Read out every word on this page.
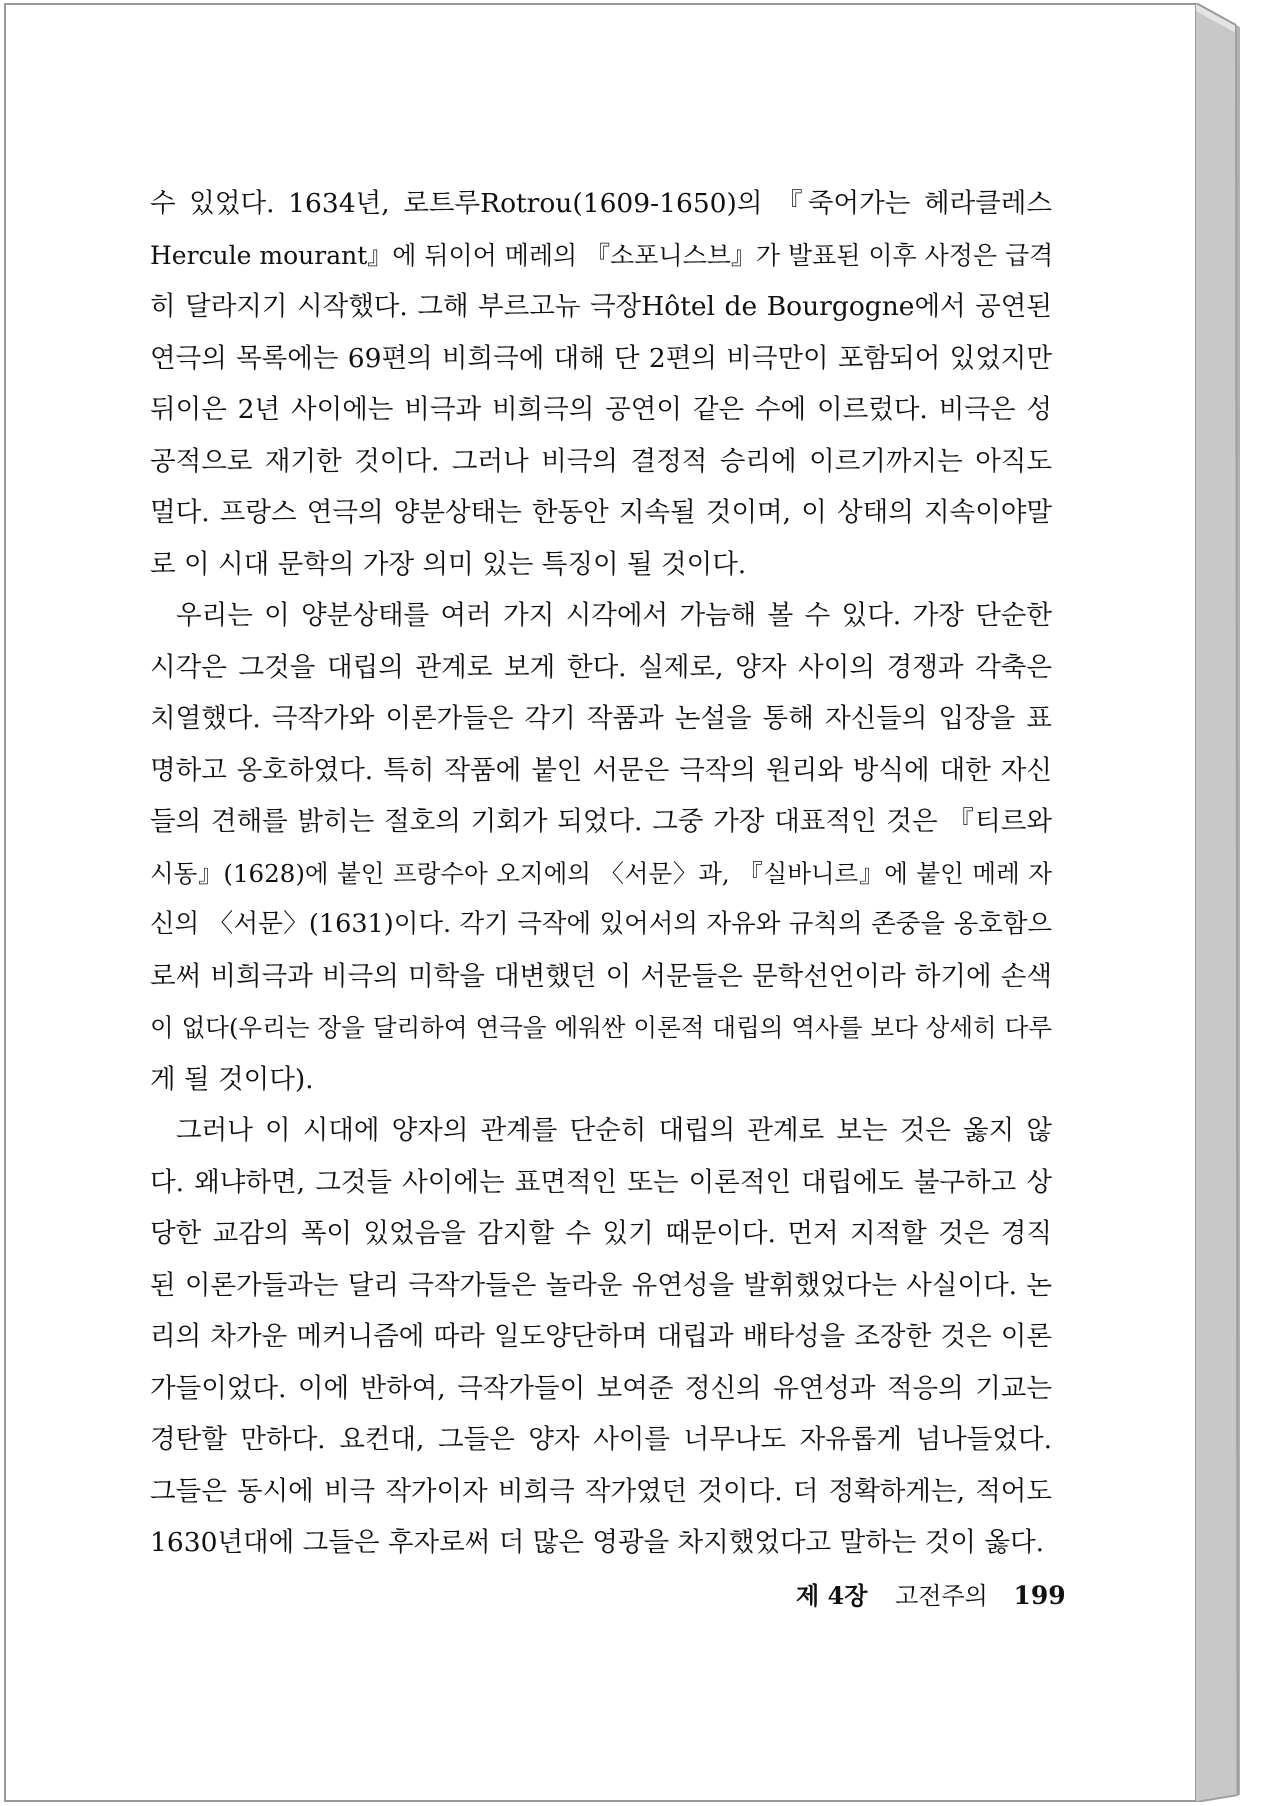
수 있었다. 1634년, 로트루Rotrou(1609-1650)의 『죽어가는 헤라클레스
Hercule mourant』에 뒤이어 메레의 『소포니스브』가 발표된 이후 사정은 급격
히 달라지기 시작했다. 그해 부르고뉴 극장Hôtel de Bourgogne에서 공연된
연극의 목록에는 69편의 비희극에 대해 단 2편의 비극만이 포함되어 있었지만
뒤이은 2년 사이에는 비극과 비희극의 공연이 같은 수에 이르렀다. 비극은 성
공적으로 재기한 것이다. 그러나 비극의 결정적 승리에 이르기까지는 아직도
멀다. 프랑스 연극의 양분상태는 한동안 지속될 것이며, 이 상태의 지속이야말
로 이 시대 문학의 가장 의미 있는 특징이 될 것이다.
우리는 이 양분상태를 여러 가지 시각에서 가늠해 볼 수 있다. 가장 단순한
시각은 그것을 대립의 관계로 보게 한다. 실제로, 양자 사이의 경쟁과 각축은
치열했다. 극작가와 이론가들은 각기 작품과 논설을 통해 자신들의 입장을 표
명하고 옹호하였다. 특히 작품에 붙인 서문은 극작의 원리와 방식에 대한 자신
들의 견해를 밝히는 절호의 기회가 되었다. 그중 가장 대표적인 것은 『티르와
시동』(1628)에 붙인 프랑수아 오지에의 〈서문〉과, 『실바니르』에 붙인 메레 자
신의 〈서문〉(1631)이다. 각기 극작에 있어서의 자유와 규칙의 존중을 옹호함으
로써 비희극과 비극의 미학을 대변했던 이 서문들은 문학선언이라 하기에 손색
이 없다(우리는 장을 달리하여 연극을 에워싼 이론적 대립의 역사를 보다 상세히 다루
게 될 것이다).
그러나 이 시대에 양자의 관계를 단순히 대립의 관계로 보는 것은 옳지 않
다. 왜냐하면, 그것들 사이에는 표면적인 또는 이론적인 대립에도 불구하고 상
당한 교감의 폭이 있었음을 감지할 수 있기 때문이다. 먼저 지적할 것은 경직
된 이론가들과는 달리 극작가들은 놀라운 유연성을 발휘했었다는 사실이다. 논
리의 차가운 메커니즘에 따라 일도양단하며 대립과 배타성을 조장한 것은 이론
가들이었다. 이에 반하여, 극작가들이 보여준 정신의 유연성과 적응의 기교는
경탄할 만하다. 요컨대, 그들은 양자 사이를 너무나도 자유롭게 넘나들었다.
그들은 동시에 비극 작가이자 비희극 작가였던 것이다. 더 정확하게는, 적어도
1630년대에 그들은 후자로써 더 많은 영광을 차지했었다고 말하는 것이 옳다.
제 4장 고전주의 199
